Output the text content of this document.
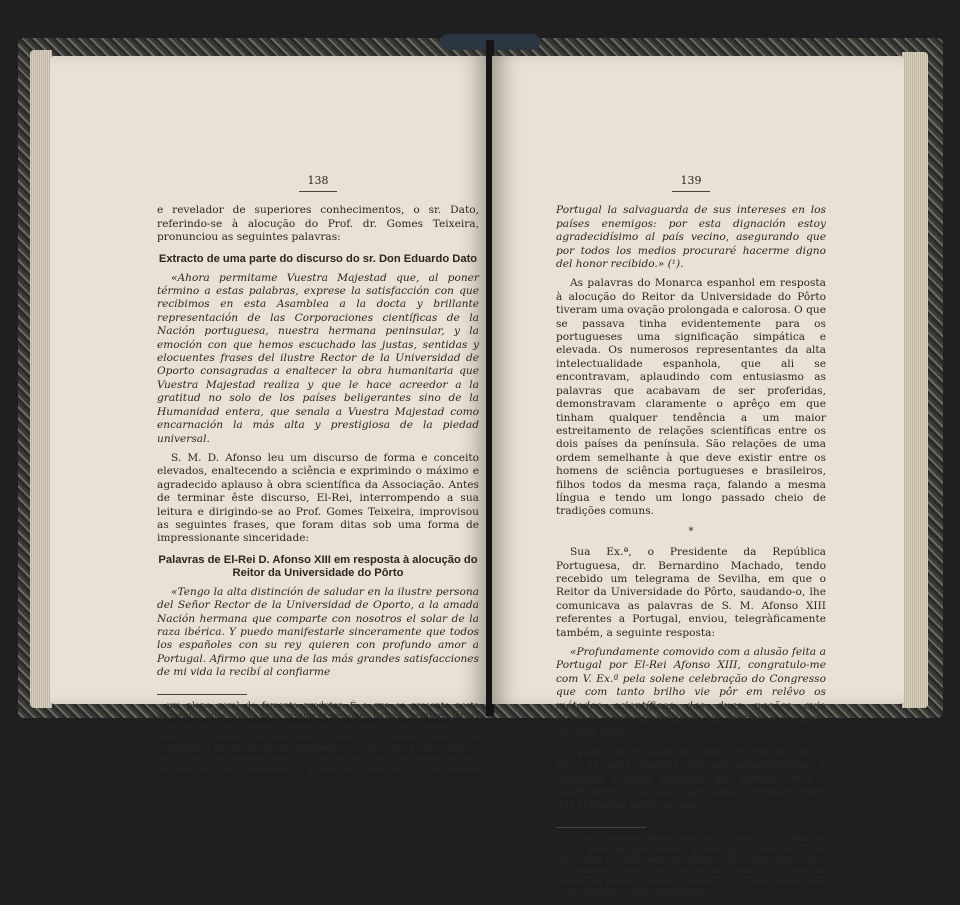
138

e revelador de superiores conhecimentos, o sr. Dato, referindo-se à alocução do Prof. dr. Gomes Teixeira, pronunciou as seguintes palavras:

Extracto de uma parte do discurso do sr. Don Eduardo Dato

«Ahora permitame Vuestra Majestad que, al poner término a estas palabras, exprese la satisfacción con que recibimos en esta Asamblea a la docta y brillante representación de las Corporaciones científicas de la Nación portuguesa, nuestra hermana peninsular, y la emoción con que hemos escuchado las justas, sentidas y elocuentes frases del ilustre Rector de la Universidad de Oporto consagradas a enaltecer la obra humanitaria que Vuestra Majestad realiza y que le hace acreedor a la gratitud no solo de los países beligerantes sino de la Humanidad entera, que senala a Vuestra Majestad como encarnación la más alta y prestigiosa de la piedad universal.

S. M. D. Afonso leu um discurso de forma e conceito elevados, enaltecendo a sciência e exprimindo o máximo e agradecido aplauso à obra scientífica da Associação. Antes de terminar êste discurso, El-Rei, interrompendo a sua leitura e dirigindo-se ao Prof. Gomes Teixeira, improvisou as seguintes frases, que foram ditas sob uma forma de impressionante sinceridade:

Palavras de El-Rei D. Afonso XIII em resposta à alocução do Reitor da Universidade do Pôrto

«Tengo la alta distinción de saludar en la ilustre persona del Señor Rector de la Universidad de Oporto, a la amada Nación hermana que comparte con nosotros el solar de la raza ibérica. Y puedo manifestarle sinceramente que todos los españoles con su rey quieren con profundo amor a Portugal. Afirmo que una de las más grandes satisfacciones de mi vida la recibí al confiarme

um plano geral de fomento produtor. É o que se presente neste momento, mas não deve esquecer-se que haverá sempre fôrças construtivas e destruidoras, conjuntivas e disjuntivas. As primeiras são o direito e a ordem que conduzem à saúde e à robustez. Sem a sua coexistência não haverá desenvolvimento social possível, e êste regula-se pela fórmula da liberdade que atrái em vez de repelir, que agrupe em vez de dissociar. Elas conduziram à associação como corôa do organismo social.»

139

Portugal la salvaguarda de sus intereses en los países enemigos: por esta dignación estoy agradecidísimo al país vecino, asegurando que por todos los medios procuraré hacerme digno del honor recibido.» (¹).

As palavras do Monarca espanhol em resposta à alocução do Reitor da Universidade do Pôrto tiveram uma ovação prolongada e calorosa. O que se passava tinha evidentemente para os portugueses uma significação simpática e elevada. Os numerosos representantes da alta intelectualidade espanhola, que ali se encontravam, aplaudindo com entusiasmo as palavras que acabavam de ser proferidas, demonstravam claramente o aprêço em que tinham qualquer tendência a um maior estreitamento de relações scientíficas entre os dois países da península. São relações de uma ordem semelhante à que deve existir entre os homens de sciência portugueses e brasileiros, filhos todos da mesma raça, falando a mesma língua e tendo um longo passado cheio de tradições comuns.

*

Sua Ex.ª, o Presidente da República Portuguesa, dr. Bernardino Machado, tendo recebido um telegrama de Sevilha, em que o Reitor da Universidade do Pôrto, saudando-o, lhe comunicava as palavras de S. M. Afonso XIII referentes a Portugal, enviou, telegràficamente também, a seguinte resposta:

«Profundamente comovido com a alusão feita a Portugal por El-Rei Afonso XIII, congratulo-me com V. Ex.ª pela solene celebração do Congresso que com tanto brilho vie pôr em relêvo os métodos scientíficos das duas nações cujo glorioso porvir depende da sua cultura e do génio de cada uma.

Saúdo afectuosamente por intermédio de V. Ex.ª os seus ilustres colegas congressistas, e agradeço à nobre Espanha, que sempre amei, o acolhimento feito aos digníssimos representantes das sciências portuguesas.»

(¹) Diz a respeito destas palavras o Imparcial de Madrid: Estas palabras que fueran dichas por El-Rei con gran sinceridad e cariño entusiasmaron a los congresistas. Pero los aplausos fueron más fuertes aun cuando Su Majestad tendió sus manos a Gomes Teixeira. Este, emocionadíssimo, se las estrechó cariñosísimamente.
